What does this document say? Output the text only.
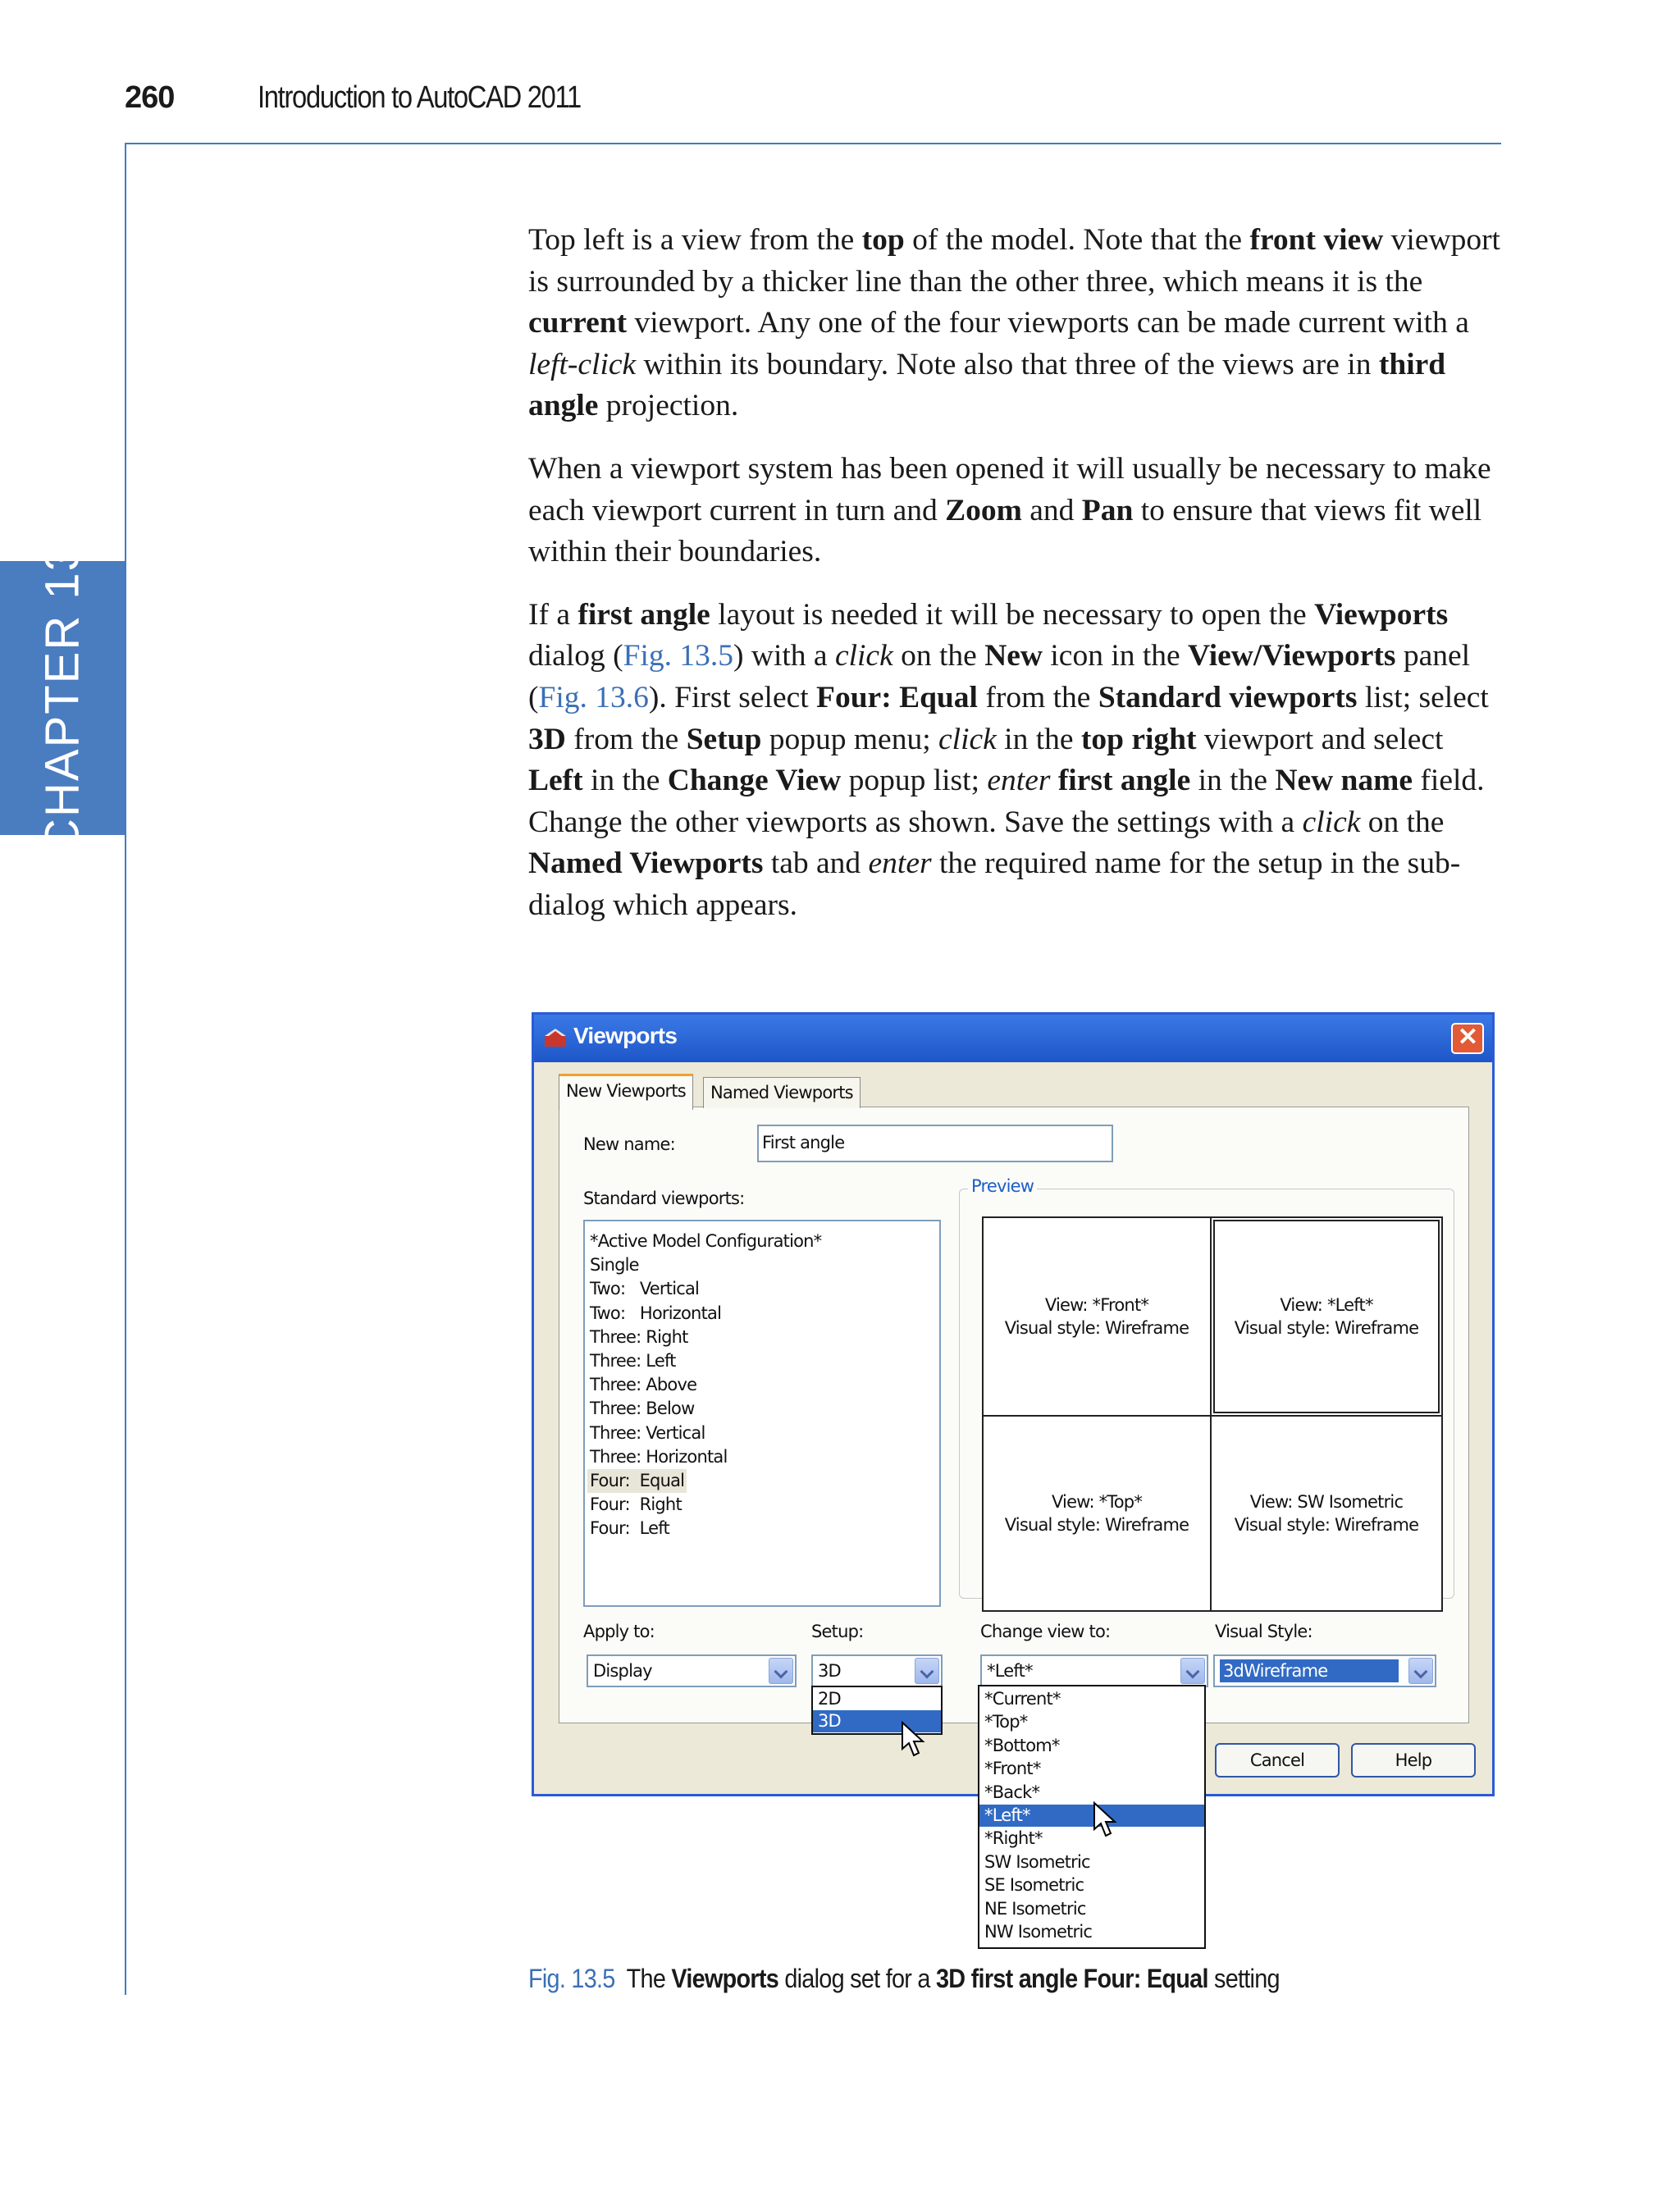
260	Introduction to AutoCAD 2011
CHAPTER 13

Top left is a view from the top of the model. Note that the front view viewport is surrounded by a thicker line than the other three, which means it is the current viewport. Any one of the four viewports can be made current with a left-click within its boundary. Note also that three of the views are in third angle projection.

When a viewport system has been opened it will usually be necessary to make each viewport current in turn and Zoom and Pan to ensure that views fit well within their boundaries.

If a first angle layout is needed it will be necessary to open the Viewports dialog (Fig. 13.5) with a click on the New icon in the View/Viewports panel (Fig. 13.6). First select Four: Equal from the Standard viewports list; select 3D from the Setup popup menu; click in the top right viewport and select Left in the Change View popup list; enter first angle in the New name field. Change the other viewports as shown. Save the settings with a click on the Named Viewports tab and enter the required name for the setup in the sub-dialog which appears.

Viewports	✕
New Viewports	Named Viewports
New name:	First angle
Standard viewports:
*Active Model Configuration*
Single
Two:   Vertical
Two:   Horizontal
Three: Right
Three: Left
Three: Above
Three: Below
Three: Vertical
Three: Horizontal
Four:  Equal
Four:  Right
Four:  Left
Preview
View: *Front*
Visual style: Wireframe
View: *Left*
Visual style: Wireframe
View: *Top*
Visual style: Wireframe
View: SW Isometric
Visual style: Wireframe
Apply to:
Display
Setup:
3D
2D
3D
Change view to:
*Left*
Visual Style:
3dWireframe
Cancel	Help
*Current*
*Top*
*Bottom*
*Front*
*Back*
*Left*
*Right*
SW Isometric
SE Isometric
NE Isometric
NW Isometric
Fig. 13.5 The Viewports dialog set for a 3D first angle Four: Equal setting
